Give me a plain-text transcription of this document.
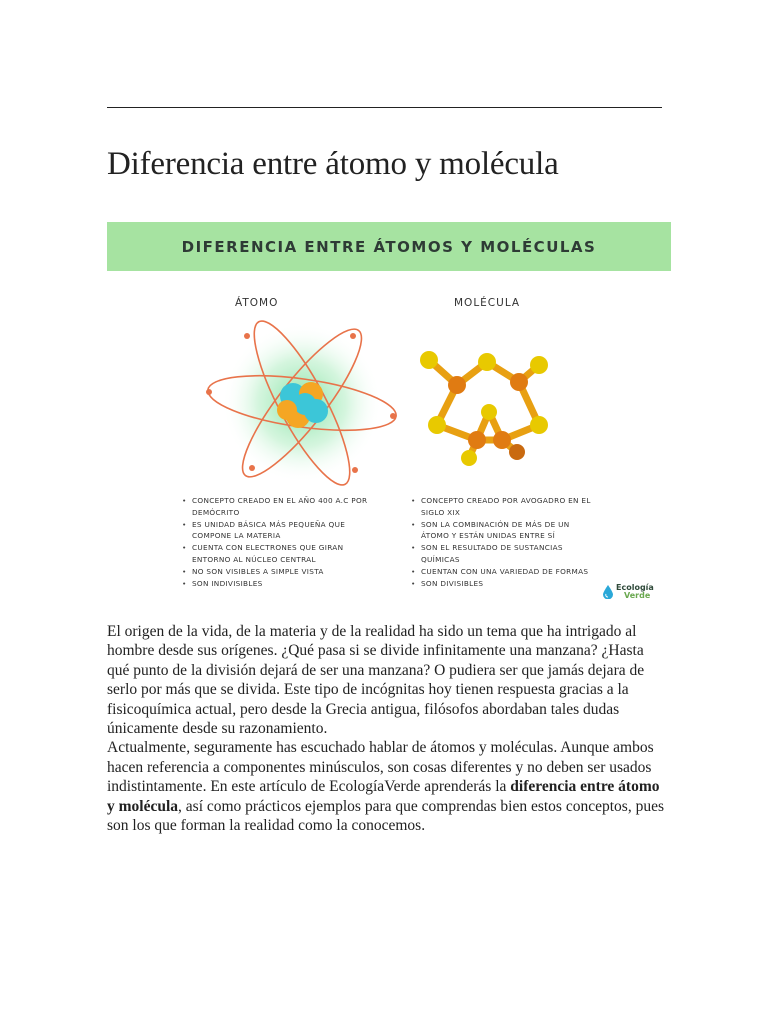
Diferencia entre átomo y molécula
DIFERENCIA ENTRE ÁTOMOS Y MOLÉCULAS
ÁTOMO	MOLÉCULA
• CONCEPTO CREADO EN EL AÑO 400 A.C POR DEMÓCRITO
• ES UNIDAD BÁSICA MÁS PEQUEÑA QUE COMPONE LA MATERIA
• CUENTA CON ELECTRONES QUE GIRAN ENTORNO AL NÚCLEO CENTRAL
• NO SON VISIBLES A SIMPLE VISTA
• SON INDIVISIBLES
• CONCEPTO CREADO POR AVOGADRO EN EL SIGLO XIX
• SON LA COMBINACIÓN DE MÁS DE UN ÁTOMO Y ESTÁN UNIDAS ENTRE SÍ
• SON EL RESULTADO DE SUSTANCIAS QUÍMICAS
• CUENTAN CON UNA VARIEDAD DE FORMAS
• SON DIVISIBLES	Ecología
Verde

El origen de la vida, de la materia y de la realidad ha sido un tema que ha intrigado al hombre desde sus orígenes. ¿Qué pasa si se divide infinitamente una manzana? ¿Hasta qué punto de la división dejará de ser una manzana? O pudiera ser que jamás dejara de serlo por más que se divida. Este tipo de incógnitas hoy tienen respuesta gracias a la fisicoquímica actual, pero desde la Grecia antigua, filósofos abordaban tales dudas únicamente desde su razonamiento.

Actualmente, seguramente has escuchado hablar de átomos y moléculas. Aunque ambos hacen referencia a componentes minúsculos, son cosas diferentes y no deben ser usados indistintamente. En este artículo de EcologíaVerde aprenderás la diferencia entre átomo y molécula, así como prácticos ejemplos para que comprendas bien estos conceptos, pues son los que forman la realidad como la conocemos.
